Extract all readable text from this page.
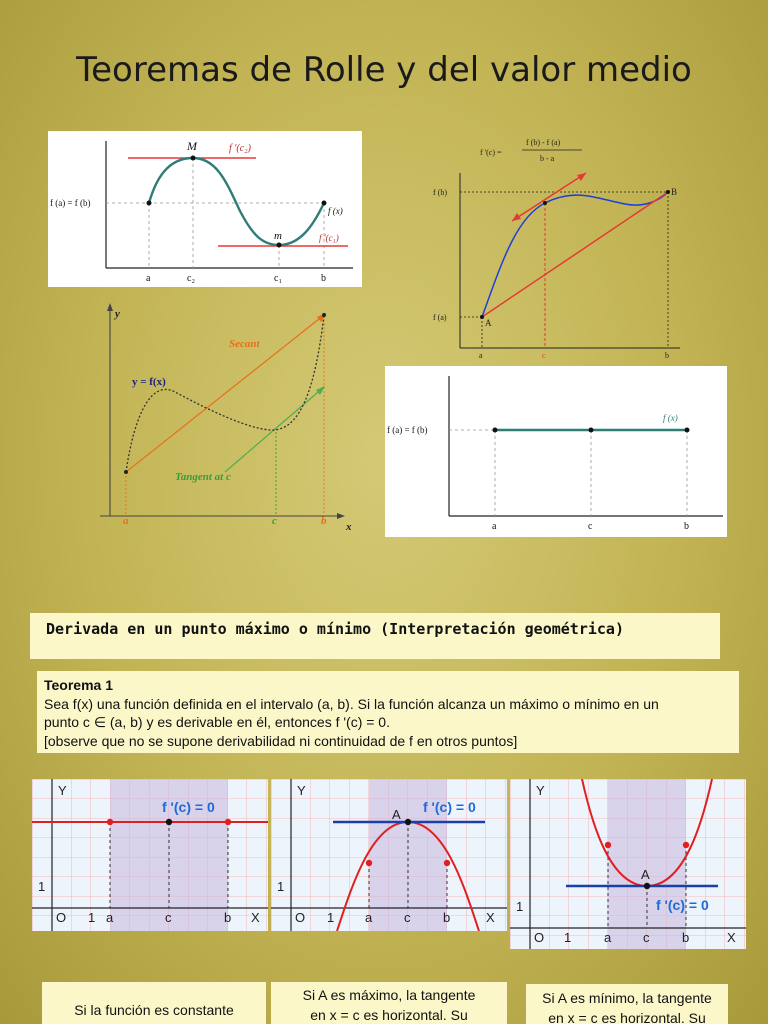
Teoremas de Rolle y del valor medio
f (a) = f (b)
M
m
f '(c₂)
f '(c₁)
f (x)
a	c₂	c₁	b
f '(c) =
f (b) - f (a)
b - a
f (b)
f (a)
A
B
a	c	b
y
x
Secant
y = f(x)
Tangent at c
a	c	b
f (a) = f (b)
f (x)
a	c	b
Derivada en un punto máximo o mínimo (Interpretación geométrica)
Teorema 1
Sea f(x) una función definida en el intervalo (a, b). Si la función alcanza un máximo o mínimo en un
punto c ∈ (a, b) y es derivable en él, entonces f '(c) = 0.
[observe que no se supone derivabilidad ni continuidad de f en otros puntos]
Y
O 1
1
X
a	c	b
f '(c) = 0
Y
O 1
1
X
a c	b
A f '(c) = 0
Y
O 1
1
X
a c	b
A
f '(c) = 0
Si la función es constante
Si A es máximo, la tangente
en x = c es horizontal. Su
Si A es mínimo, la tangente
en x = c es horizontal. Su
